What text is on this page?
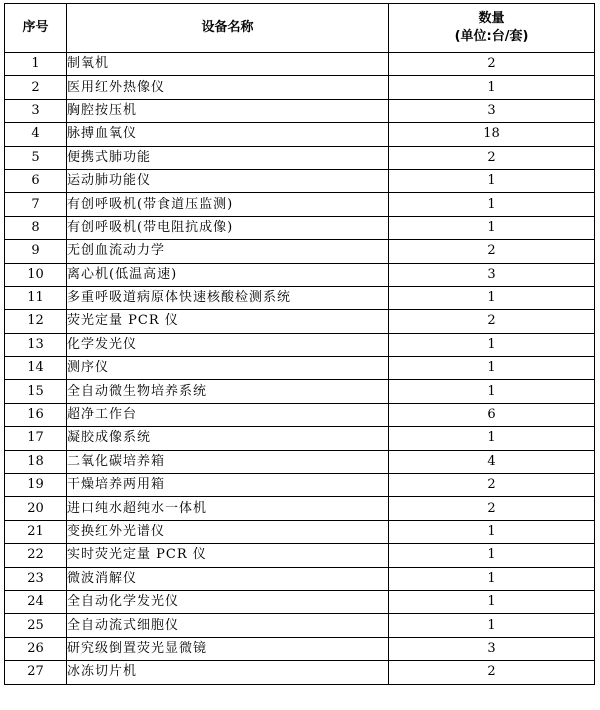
序号	设备名称	数量
(单位:台/套)

1	制氧机	2
2	医用红外热像仪	1
3	胸腔按压机	3
4	脉搏血氧仪	18
5	便携式肺功能	2
6	运动肺功能仪	1
7	有创呼吸机(带食道压监测)	1
8	有创呼吸机(带电阻抗成像)	1
9	无创血流动力学	2
10	离心机(低温高速)	3
11	多重呼吸道病原体快速核酸检测系统	1
12	荧光定量 PCR 仪	2
13	化学发光仪	1
14	测序仪	1
15	全自动微生物培养系统	1
16	超净工作台	6
17	凝胶成像系统	1
18	二氧化碳培养箱	4
19	干燥培养两用箱	2
20	进口纯水超纯水一体机	2
21	变换红外光谱仪	1
22	实时荧光定量 PCR 仪	1
23	微波消解仪	1
24	全自动化学发光仪	1
25	全自动流式细胞仪	1
26	研究级倒置荧光显微镜	3
27	冰冻切片机	2
